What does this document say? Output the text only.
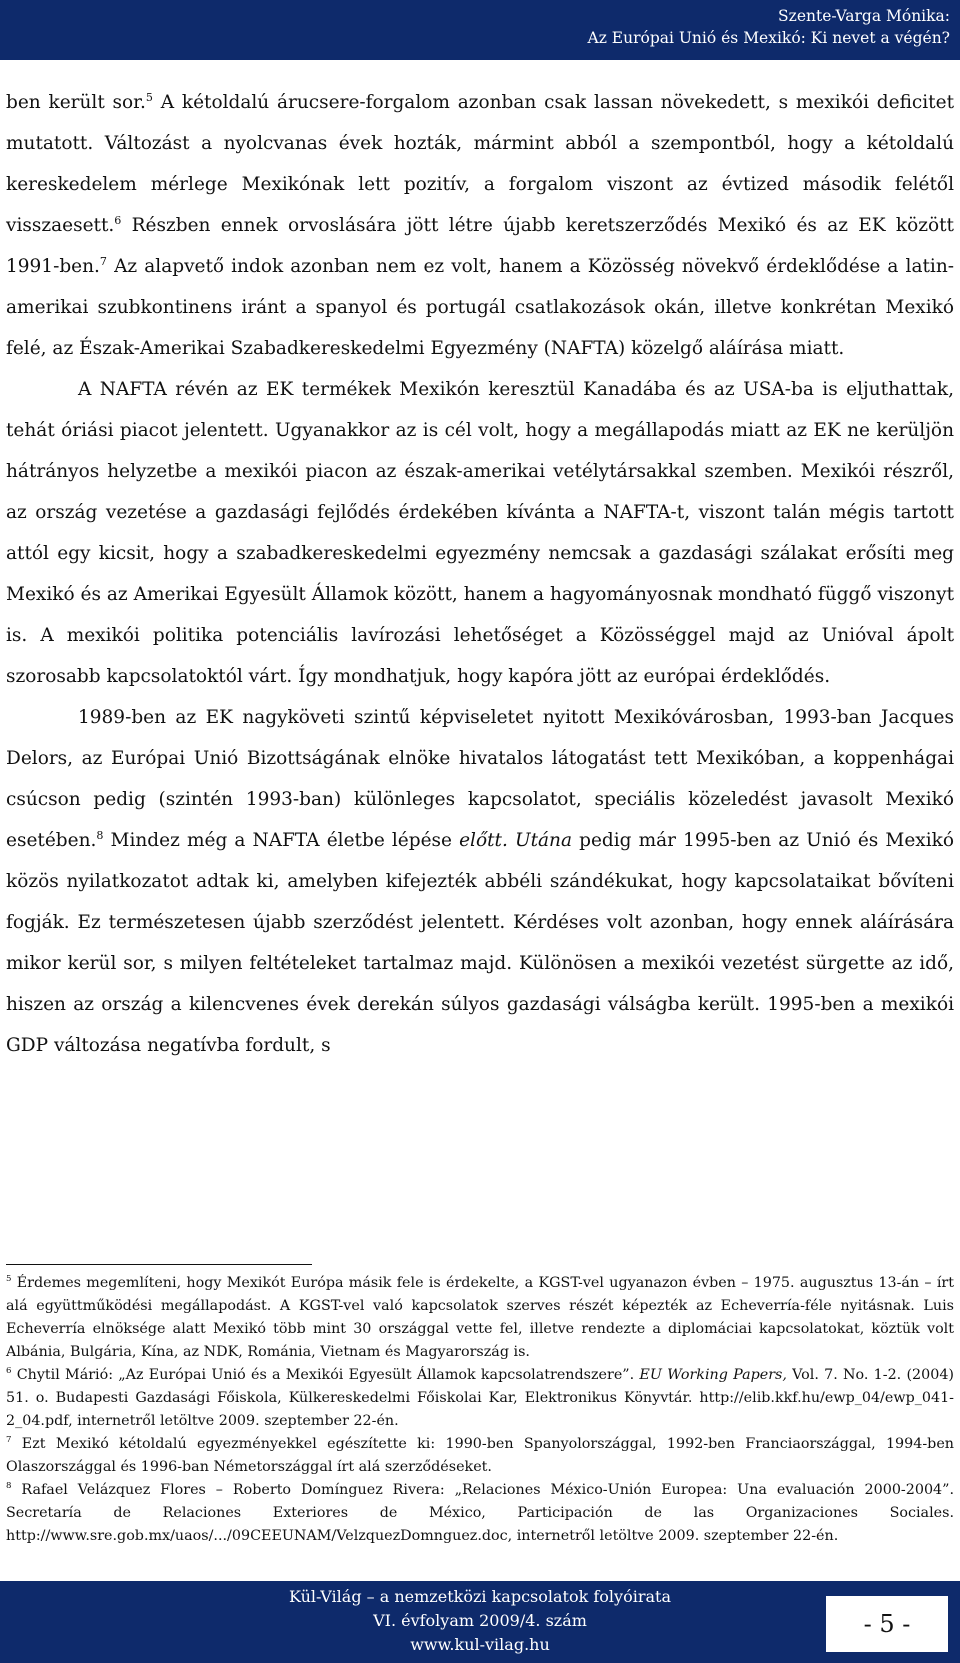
Szente-Varga Mónika:
Az Európai Unió és Mexikó: Ki nevet a végén?

ben került sor.$^5$ A kétoldalú árucsere-forgalom azonban csak lassan növekedett, s mexikói deficitet mutatott. Változást a nyolcvanas évek hozták, mármint abból a szempontból, hogy a kétoldalú kereskedelem mérlege Mexikónak lett pozitív, a forgalom viszont az évtized második felétől visszaesett.$^6$ Részben ennek orvoslására jött létre újabb keretszerződés Mexikó és az EK között 1991-ben.$^7$ Az alapvető indok azonban nem ez volt, hanem a Közösség növekvő érdeklődése a latin-amerikai szubkontinens iránt a spanyol és portugál csatlakozások okán, illetve konkrétan Mexikó felé, az Észak-Amerikai Szabadkereskedelmi Egyezmény (NAFTA) közelgő aláírása miatt.

A NAFTA révén az EK termékek Mexikón keresztül Kanadába és az USA-ba is eljuthattak, tehát óriási piacot jelentett. Ugyanakkor az is cél volt, hogy a megállapodás miatt az EK ne kerüljön hátrányos helyzetbe a mexikói piacon az észak-amerikai vetélytársakkal szemben. Mexikói részről, az ország vezetése a gazdasági fejlődés érdekében kívánta a NAFTA-t, viszont talán mégis tartott attól egy kicsit, hogy a szabadkereskedelmi egyezmény nemcsak a gazdasági szálakat erősíti meg Mexikó és az Amerikai Egyesült Államok között, hanem a hagyományosnak mondható függő viszonyt is. A mexikói politika potenciális lavírozási lehetőséget a Közösséggel majd az Unióval ápolt szorosabb kapcsolatoktól várt. Így mondhatjuk, hogy kapóra jött az európai érdeklődés.

1989-ben az EK nagyköveti szintű képviseletet nyitott Mexikóvárosban, 1993-ban Jacques Delors, az Európai Unió Bizottságának elnöke hivatalos látogatást tett Mexikóban, a koppenhágai csúcson pedig (szintén 1993-ban) különleges kapcsolatot, speciális közeledést javasolt Mexikó esetében.$^8$ Mindez még a NAFTA életbe lépése előtt. Utána pedig már 1995-ben az Unió és Mexikó közös nyilatkozatot adtak ki, amelyben kifejezték abbéli szándékukat, hogy kapcsolataikat bővíteni fogják. Ez természetesen újabb szerződést jelentett. Kérdéses volt azonban, hogy ennek aláírására mikor kerül sor, s milyen feltételeket tartalmaz majd. Különösen a mexikói vezetést sürgette az idő, hiszen az ország a kilencvenes évek derekán súlyos gazdasági válságba került. 1995-ben a mexikói GDP változása negatívba fordult, s

$^5$ Érdemes megemlíteni, hogy Mexikót Európa másik fele is érdekelte, a KGST-vel ugyanazon évben – 1975. augusztus 13-án – írt alá együttműködési megállapodást. A KGST-vel való kapcsolatok szerves részét képezték az Echeverría-féle nyitásnak. Luis Echeverría elnöksége alatt Mexikó több mint 30 országgal vette fel, illetve rendezte a diplomáciai kapcsolatokat, köztük volt Albánia, Bulgária, Kína, az NDK, Románia, Vietnam és Magyarország is.

$^6$ Chytil Márió: „Az Európai Unió és a Mexikói Egyesült Államok kapcsolatrendszere”. EU Working Papers, Vol. 7. No. 1-2. (2004) 51. o. Budapesti Gazdasági Főiskola, Külkereskedelmi Főiskolai Kar, Elektronikus Könyvtár. http://elib.kkf.hu/ewp_04/ewp_041-2_04.pdf, internetről letöltve 2009. szeptember 22-én.

$^7$ Ezt Mexikó kétoldalú egyezményekkel egészítette ki: 1990-ben Spanyolországgal, 1992-ben Franciaországgal, 1994-ben Olaszországgal és 1996-ban Németországgal írt alá szerződéseket.

$^8$ Rafael Velázquez Flores – Roberto Domínguez Rivera: „Relaciones México-Unión Europea: Una evaluación 2000-2004”. Secretaría de Relaciones Exteriores de México, Participación de las Organizaciones Sociales. http://www.sre.gob.mx/uaos/.../09CEEUNAM/VelzquezDomnguez.doc, internetről letöltve 2009. szeptember 22-én.

Kül-Világ – a nemzetközi kapcsolatok folyóirata
VI. évfolyam 2009/4. szám
www.kul-vilag.hu
- 5 -
